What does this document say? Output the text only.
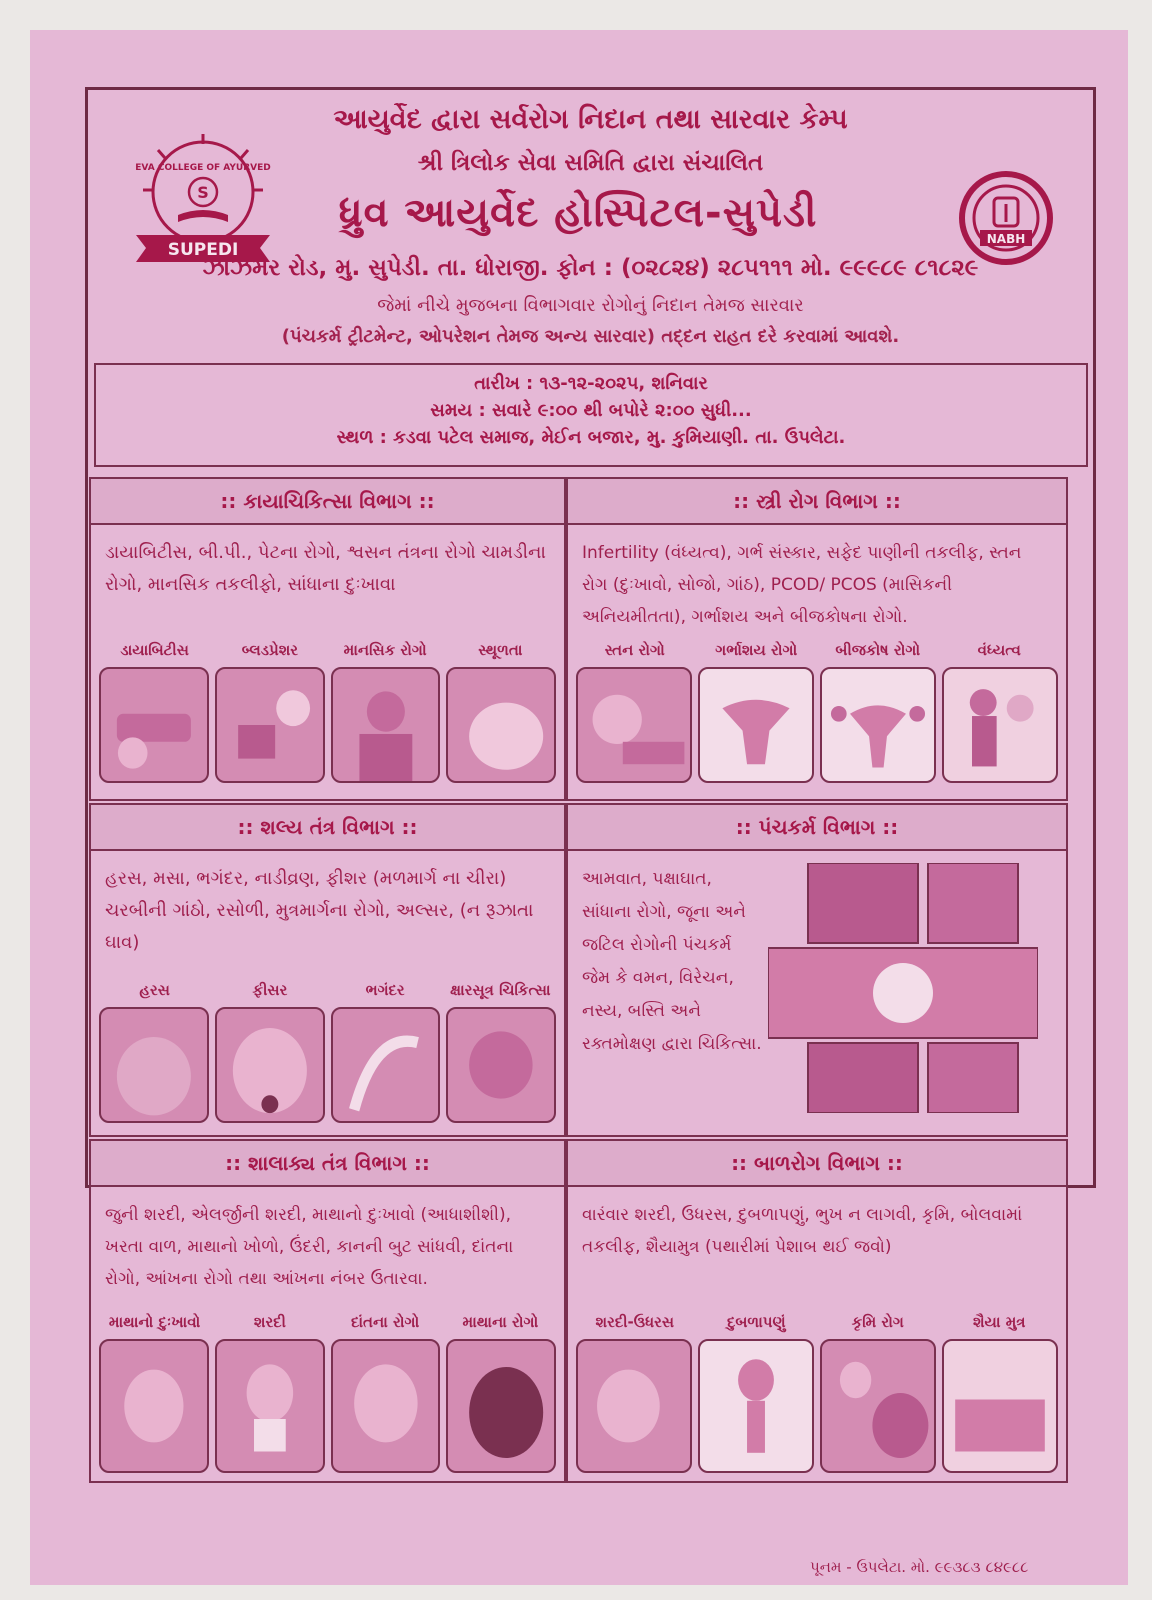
આયુર્વેદ દ્વારા સર્વરોગ નિદાન તથા સારવાર કેમ્પ
શ્રી ત્રિલોક સેવા સમિતિ દ્વારા સંચાલિત
ધ્રુવ આયુર્વેદ હોસ્પિટલ-સુપેડી
EVA COLLEGE OF AYURVED
S
SUPEDI
NABH
ઝાંઝમેર રોડ, મુ. સુપેડી. તા. ધોરાજી. ફોન : (૦૨૮૨૪) ૨૮૫૧૧૧ મો. ૯૯૯૮૯ ૮૧૮૨૯
જેમાં નીચે મુજબના વિભાગવાર રોગોનું નિદાન તેમજ સારવાર
(પંચકર્મ ટ્રીટમેન્ટ, ઓપરેશન તેમજ અન્ય સારવાર) તદ્દન રાહત દરે કરવામાં આવશે.
તારીખ : ૧૩-૧૨-૨૦૨૫, શનિવાર
સમય : સવારે ૯:૦૦ થી બપોરે ૨:૦૦ સુધી...
સ્થળ : કડવા પટેલ સમાજ, મેઈન બજાર, મુ. કુમિયાણી. તા. ઉપલેટા.
:: કાયાચિકિત્સા વિભાગ ::
ડાયાબિટીસ, બી.પી., પેટના રોગો, શ્વસન તંત્રના રોગો ચામડીના રોગો, માનસિક તકલીફો, સાંધાના દુઃખાવા
ડાયાબિટીસ	બ્લડપ્રેશર	માનસિક રોગો	સ્થૂળતા
:: સ્ત્રી રોગ વિભાગ ::
Infertility (વંધ્યત્વ), ગર્ભ સંસ્કાર, સફેદ પાણીની તકલીફ, સ્તન રોગ (દુઃખાવો, સોજો, ગાંઠ), PCOD/ PCOS (માસિકની અનિયમીતતા), ગર્ભાશય અને બીજકોષના રોગો.
સ્તન રોગો	ગર્ભાશય રોગો	બીજકોષ રોગો	વંધ્યત્વ
:: શલ્ય તંત્ર વિભાગ ::
હરસ, મસા, ભગંદર, નાડીવ્રણ, ફીશર (મળમાર્ગ ના ચીરા) ચરબીની ગાંઠો, રસોળી, મુત્રમાર્ગના રોગો, અલ્સર, (ન રૂઝાતા ઘાવ)
હરસ	ફીસર	ભગંદર	ક્ષારસૂત્ર ચિકિત્સા
:: પંચકર્મ વિભાગ ::
આમવાત, પક્ષાઘાત, સાંધાના રોગો, જૂના અને જટિલ રોગોની પંચકર્મ જેમ કે વમન, વિરેચન, નસ્ય, બસ્તિ અને રક્તમોક્ષણ દ્વારા ચિકિત્સા.
:: શાલાક્ય તંત્ર વિભાગ ::
જુની શરદી, એલર્જીની શરદી, માથાનો દુઃખાવો (આધાશીશી), ખરતા વાળ, માથાનો ખોળો, ઉંદરી, કાનની બુટ સાંધવી, દાંતના રોગો, આંખના રોગો તથા આંખના નંબર ઉતારવા.
માથાનો દુઃખાવો	શરદી	દાંતના રોગો	માથાના રોગો
:: બાળરોગ વિભાગ ::
વારંવાર શરદી, ઉધરસ, દુબળાપણું, ભુખ ન લાગવી, કૃમિ, બોલવામાં તકલીફ, શૈયામુત્ર (પથારીમાં પેશાબ થઈ જવો)
શરદી-ઉધરસ	દુબળાપણું	કૃમિ રોગ	શૈયા મુત્ર
પૂનમ - ઉપલેટા. મો. ૯૯૩૮૩ ૮૪૯૮૮
